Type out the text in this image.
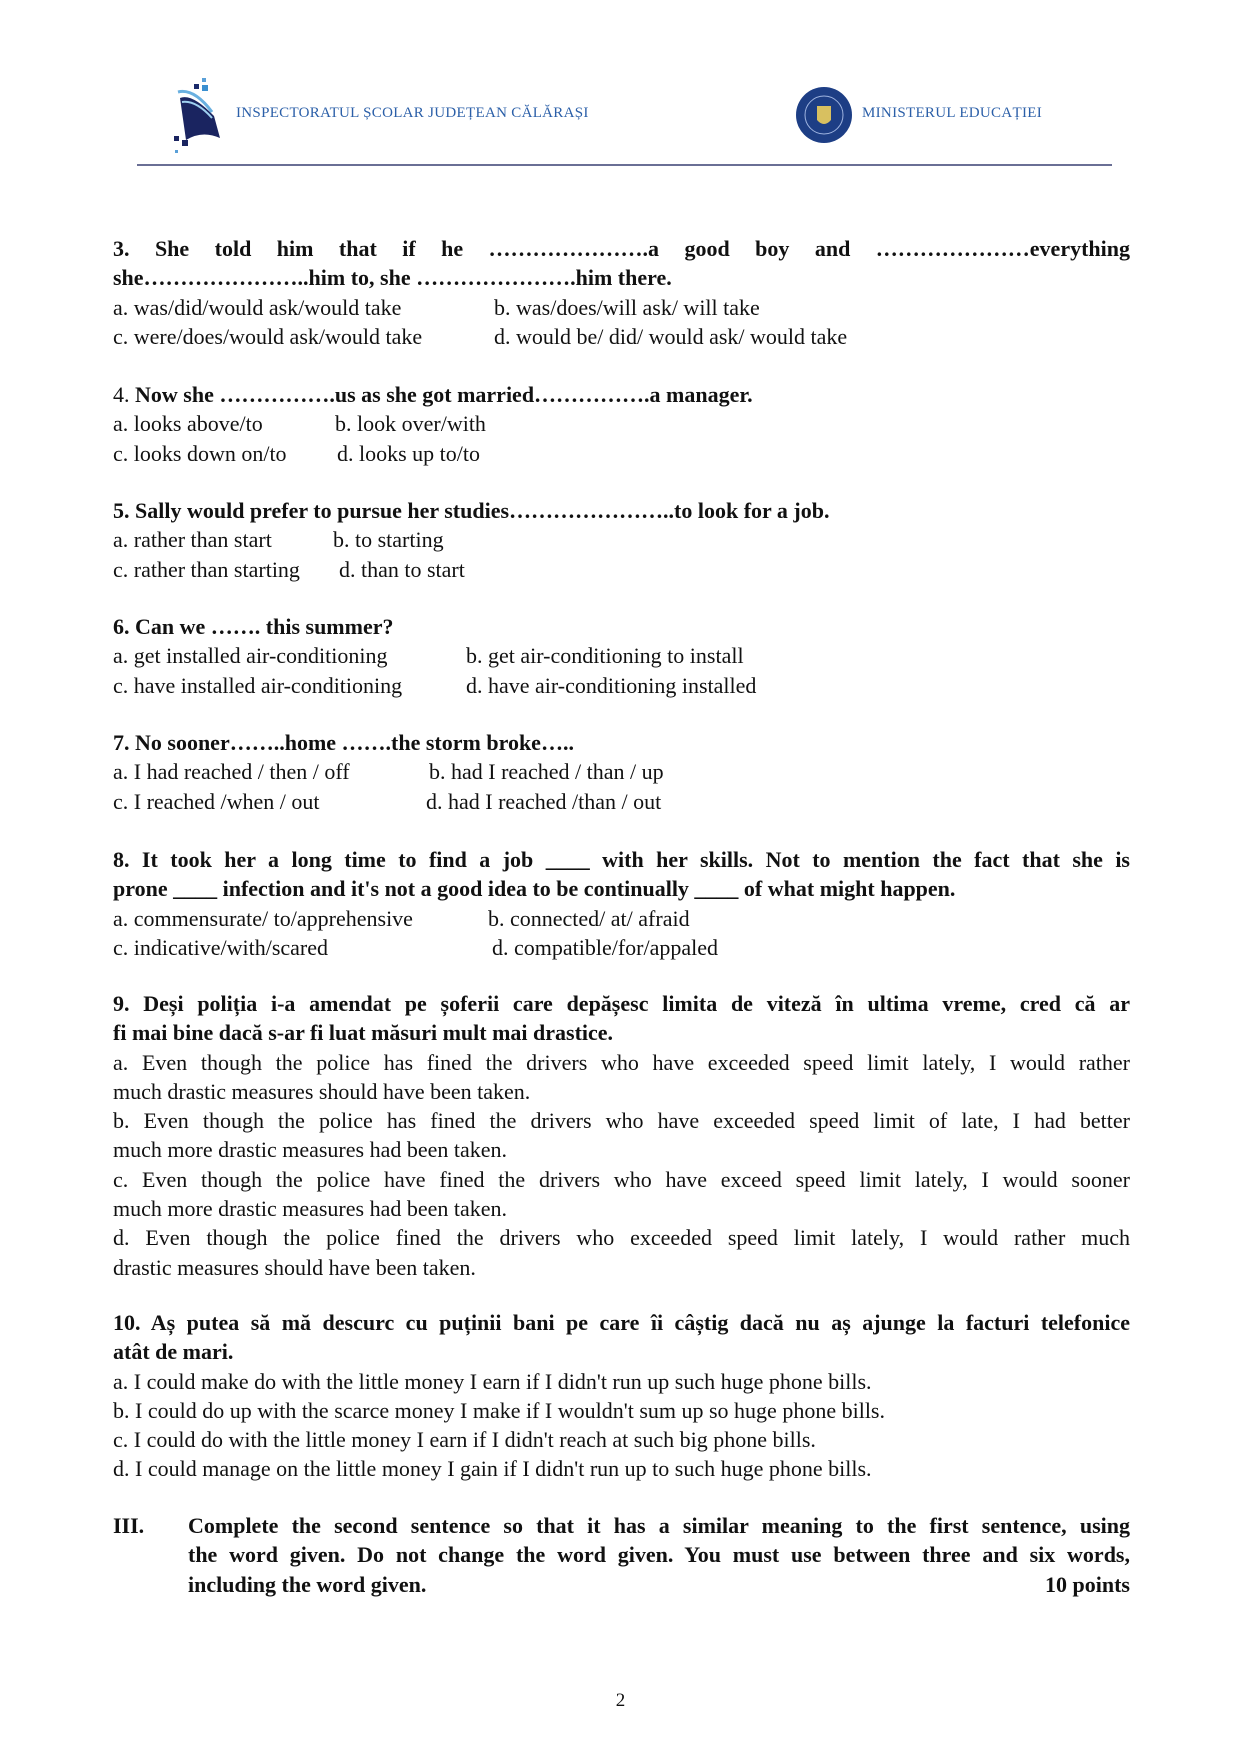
INSPECTORATUL ȘCOLAR JUDEȚEAN CĂLĂRAȘI	MINISTERUL EDUCAȚIEI
3. She told him that if he ………………….a good boy and …………………everything
she…………………..him to, she ………………….him there.
a. was/did/would ask/would take	b. was/does/will ask/ will take
c. were/does/would ask/would take	d. would be/ did/ would ask/ would take
4. Now she …………….us as she got married…………….a manager.
a. looks above/to	b. look over/with
c. looks down on/to d. looks up to/to
5. Sally would prefer to pursue her studies…………………..to look for a job.
a. rather than start	b. to starting
c. rather than starting d. than to start
6. Can we ……. this summer?
a. get installed air-conditioning	b. get air-conditioning to install
c. have installed air-conditioning	d. have air-conditioning installed
7. No sooner……..home …….the storm broke…..
a. I had reached / then / off	b. had I reached / than / up
c. I reached /when / out	d. had I reached /than / out
8. It took her a long time to find a job ____ with her skills. Not to mention the fact that she is
prone ____ infection and it's not a good idea to be continually ____ of what might happen.
a. commensurate/ to/apprehensive	b. connected/ at/ afraid
c. indicative/with/scared	d. compatible/for/appaled
9. Deși poliția i-a amendat pe șoferii care depășesc limita de viteză în ultima vreme, cred că ar
fi mai bine dacă s-ar fi luat măsuri mult mai drastice.
a. Even though the police has fined the drivers who have exceeded speed limit lately, I would rather
much drastic measures should have been taken.
b. Even though the police has fined the drivers who have exceeded speed limit of late, I had better
much more drastic measures had been taken.
c. Even though the police have fined the drivers who have exceed speed limit lately, I would sooner
much more drastic measures had been taken.
d. Even though the police fined the drivers who exceeded speed limit lately, I would rather much
drastic measures should have been taken.
10. Aș putea să mă descurc cu puținii bani pe care îi câștig dacă nu aș ajunge la facturi telefonice
atât de mari.
a. I could make do with the little money I earn if I didn't run up such huge phone bills.
b. I could do up with the scarce money I make if I wouldn't sum up so huge phone bills.
c. I could do with the little money I earn if I didn't reach at such big phone bills.
d. I could manage on the little money I gain if I didn't run up to such huge phone bills.
III. Complete the second sentence so that it has a similar meaning to the first sentence, using
the word given. Do not change the word given. You must use between three and six words,
including the word given.	10 points
2
